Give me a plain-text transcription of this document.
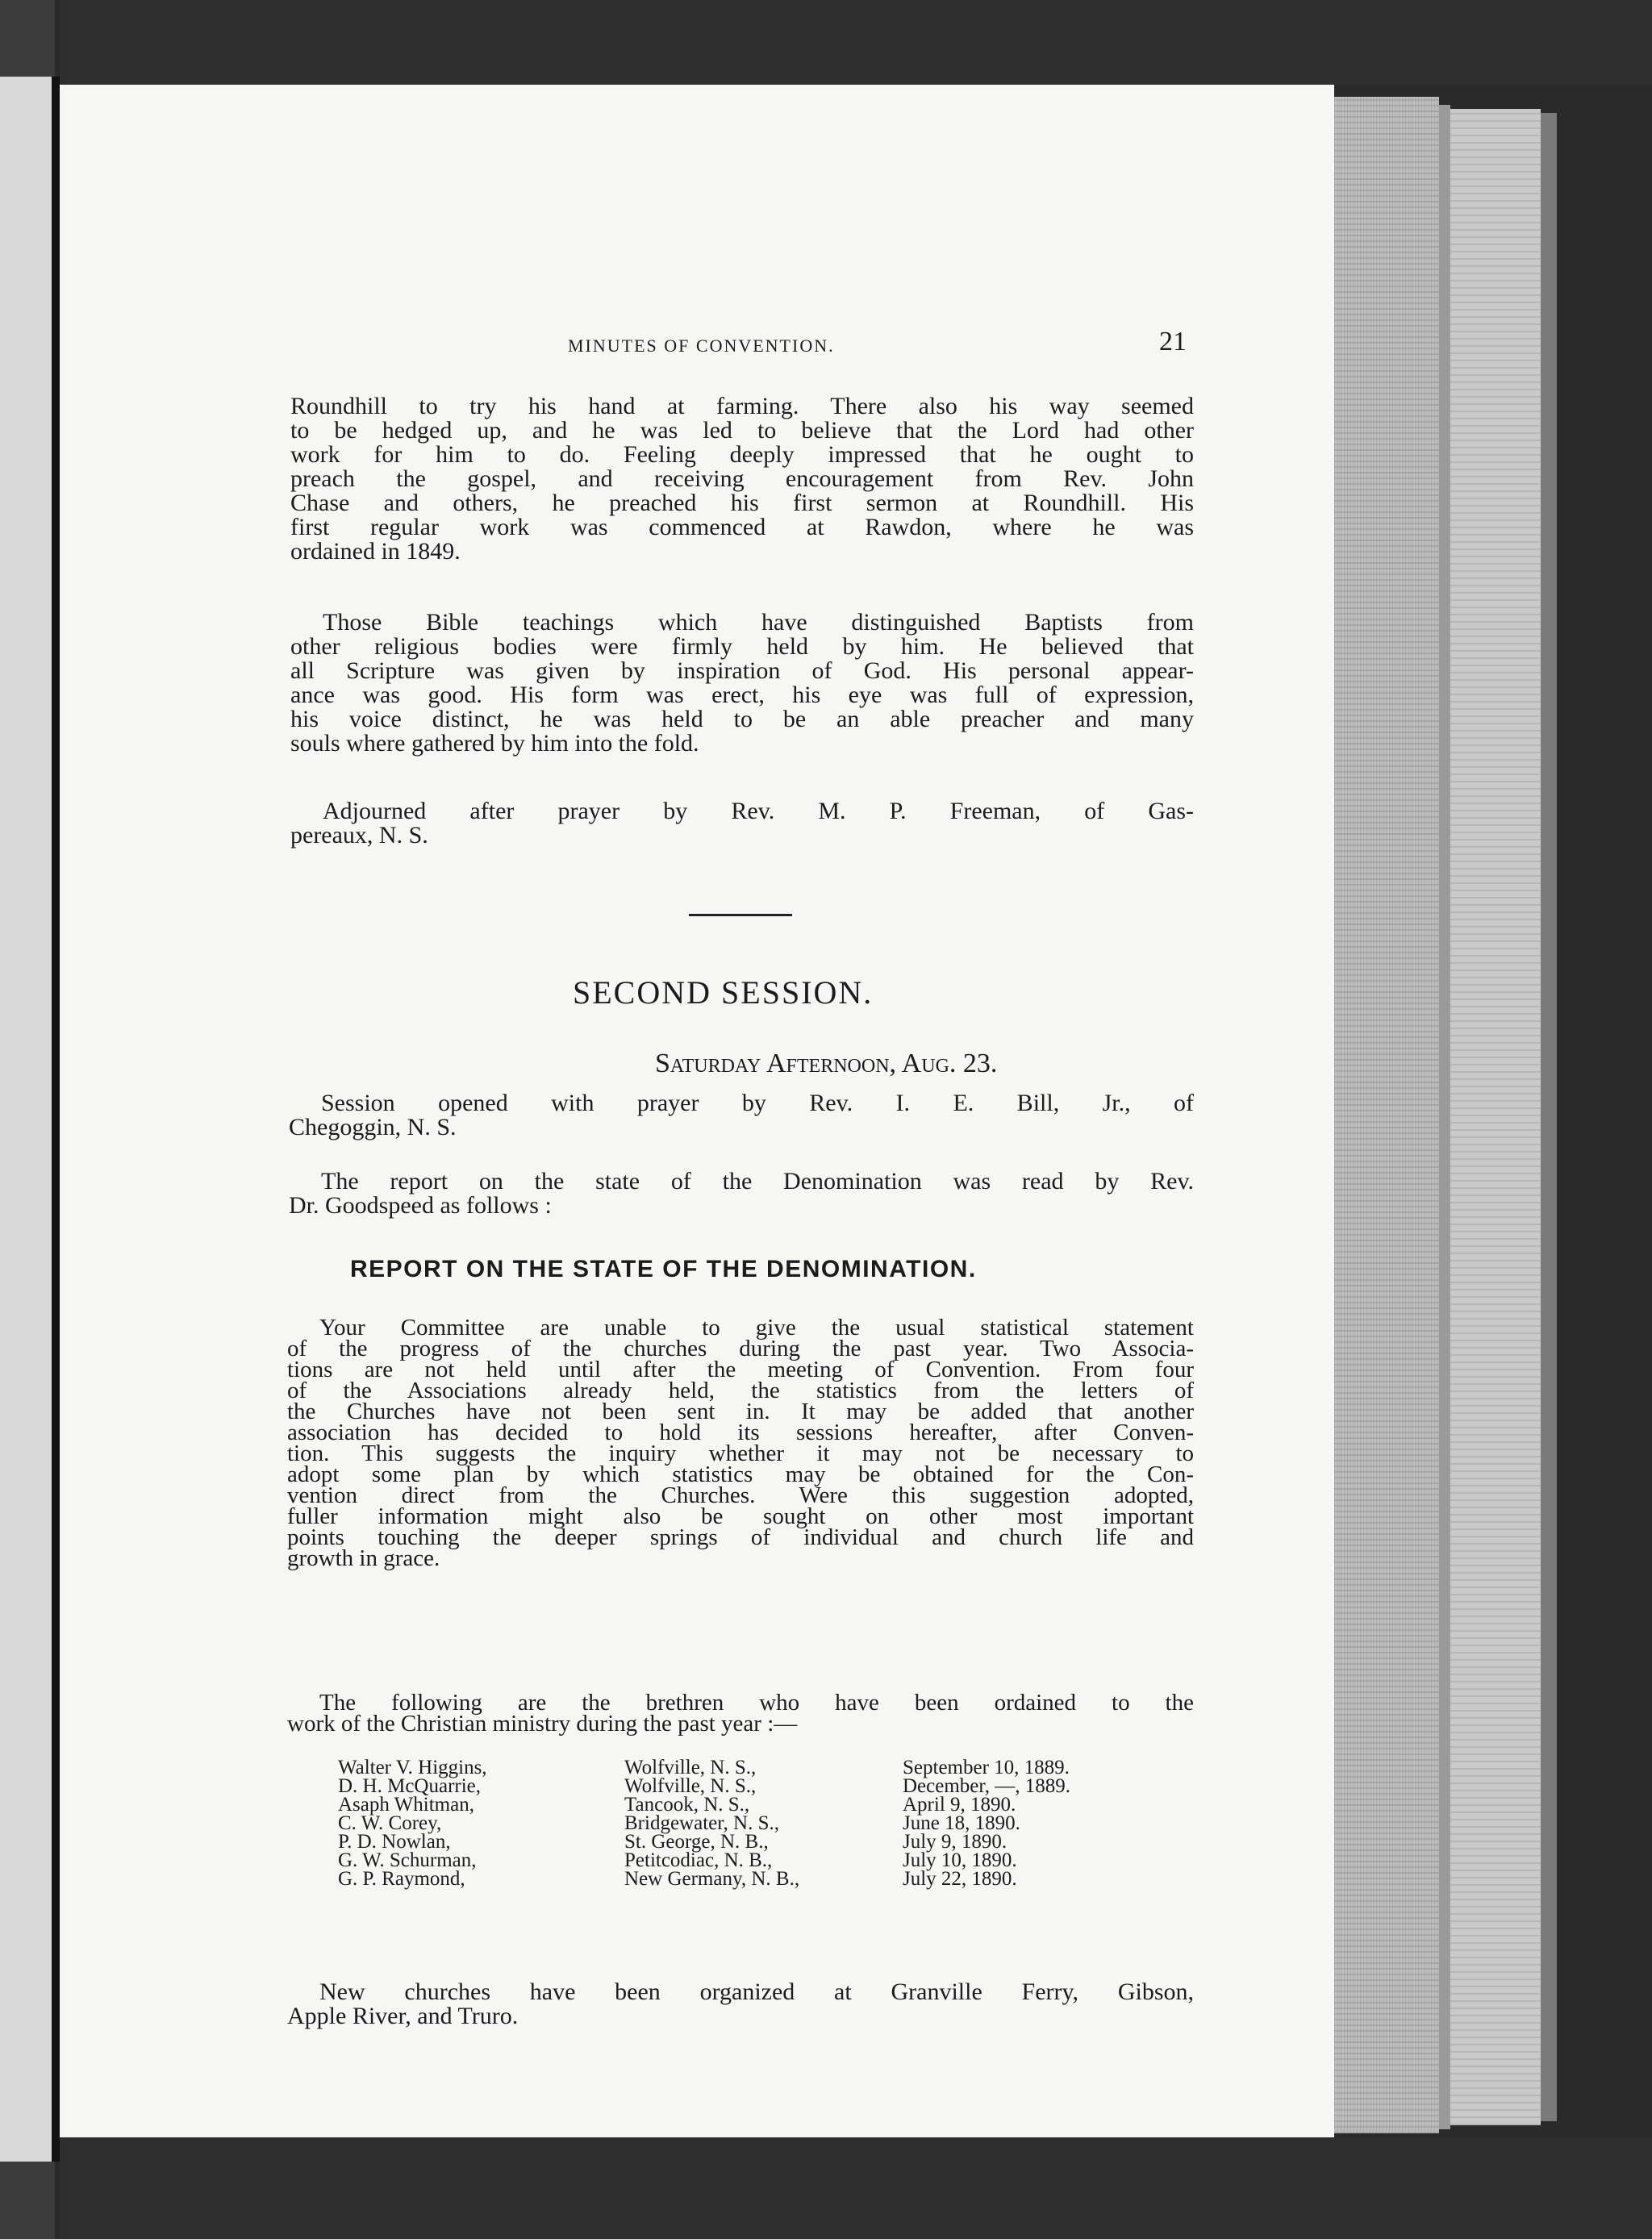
MINUTES OF CONVENTION.	21
Roundhill to try his hand at farming. There also his way seemed
to be hedged up, and he was led to believe that the Lord had other
work for him to do. Feeling deeply impressed that he ought to
preach the gospel, and receiving encouragement from Rev. John
Chase and others, he preached his first sermon at Roundhill. His
first regular work was commenced at Rawdon, where he was
ordained in 1849.
Those Bible teachings which have distinguished Baptists from
other religious bodies were firmly held by him. He believed that
all Scripture was given by inspiration of God. His personal appear-
ance was good. His form was erect, his eye was full of expression,
his voice distinct, he was held to be an able preacher and many
souls where gathered by him into the fold.
Adjourned after prayer by Rev. M. P. Freeman, of Gas-
pereaux, N. S.
SECOND SESSION.
Saturday Afternoon, Aug. 23.
Session opened with prayer by Rev. I. E. Bill, Jr., of
Chegoggin, N. S.
The report on the state of the Denomination was read by Rev.
Dr. Goodspeed as follows :
REPORT ON THE STATE OF THE DENOMINATION.
Your Committee are unable to give the usual statistical statement
of the progress of the churches during the past year. Two Associa-
tions are not held until after the meeting of Convention. From four
of the Associations already held, the statistics from the letters of
the Churches have not been sent in. It may be added that another
association has decided to hold its sessions hereafter, after Conven-
tion. This suggests the inquiry whether it may not be necessary to
adopt some plan by which statistics may be obtained for the Con-
vention direct from the Churches. Were this suggestion adopted,
fuller information might also be sought on other most important
points touching the deeper springs of individual and church life and
growth in grace.
The following are the brethren who have been ordained to the
work of the Christian ministry during the past year :—
Walter V. Higgins,	Wolfville, N. S.,	September 10, 1889.
D. H. McQuarrie,	Wolfville, N. S.,	December, —, 1889.
Asaph Whitman,	Tancook, N. S.,	April 9, 1890.
C. W. Corey,	Bridgewater, N. S.,	June 18, 1890.
P. D. Nowlan,	St. George, N. B.,	July 9, 1890.
G. W. Schurman,	Petitcodiac, N. B.,	July 10, 1890.
G. P. Raymond,	New Germany, N. B.,	July 22, 1890.
New churches have been organized at Granville Ferry, Gibson,
Apple River, and Truro.
